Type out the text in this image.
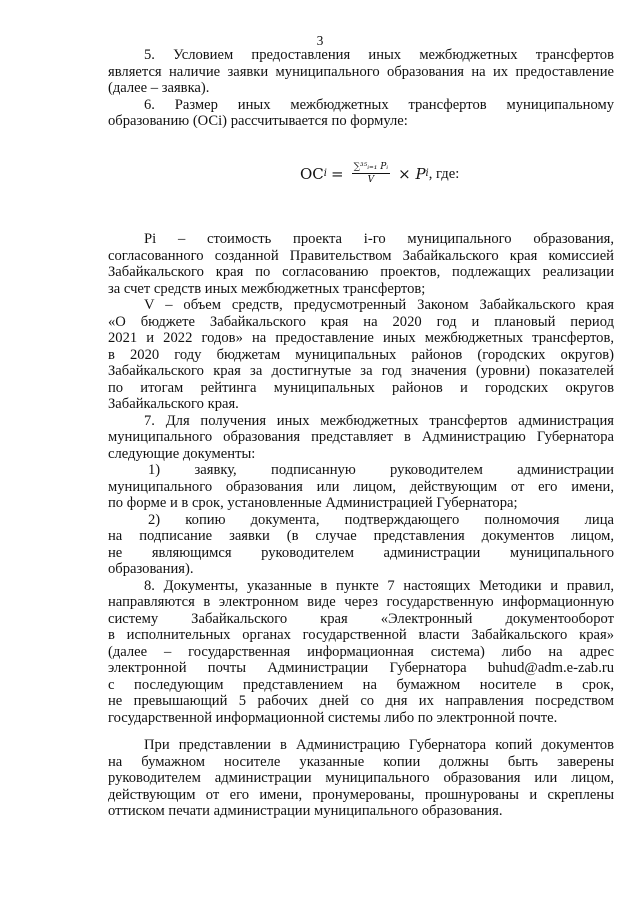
3
5. Условием предоставления иных межбюджетных трансфертов
является наличие заявки муниципального образования на их предоставление
(далее – заявка).
6. Размер иных межбюджетных трансфертов муниципальному
образованию (ОСi) рассчитывается по формуле:
ОС $i = \frac{\text{∑³⁵ᵢ₌₁ Pᵢ}}{V} \times P$ i , где:
Pi – стоимость проекта i-го муниципального образования,
согласованного созданной Правительством Забайкальского края комиссией
Забайкальского края по согласованию проектов, подлежащих реализации
за счет средств иных межбюджетных трансфертов;
V – объем средств, предусмотренный Законом Забайкальского края
«О бюджете Забайкальского края на 2020 год и плановый период
2021 и 2022 годов» на предоставление иных межбюджетных трансфертов,
в 2020 году бюджетам муниципальных районов (городских округов)
Забайкальского края за достигнутые за год значения (уровни) показателей
по итогам рейтинга муниципальных районов и городских округов
Забайкальского края.
7. Для получения иных межбюджетных трансфертов администрация
муниципального образования представляет в Администрацию Губернатора
следующие документы:
1) заявку, подписанную руководителем администрации
муниципального образования или лицом, действующим от его имени,
по форме и в срок, установленные Администрацией Губернатора;
2) копию документа, подтверждающего полномочия лица
на подписание заявки (в случае представления документов лицом,
не являющимся руководителем администрации муниципального
образования).
8. Документы, указанные в пункте 7 настоящих Методики и правил,
направляются в электронном виде через государственную информационную
систему Забайкальского края «Электронный документооборот
в исполнительных органах государственной власти Забайкальского края»
(далее – государственная информационная система) либо на адрес
электронной почты Администрации Губернатора buhud@adm.e-zab.ru
с последующим представлением на бумажном носителе в срок,
не превышающий 5 рабочих дней со дня их направления посредством
государственной информационной системы либо по электронной почте.
При представлении в Администрацию Губернатора копий документов
на бумажном носителе указанные копии должны быть заверены
руководителем администрации муниципального образования или лицом,
действующим от его имени, пронумерованы, прошнурованы и скреплены
оттиском печати администрации муниципального образования.
